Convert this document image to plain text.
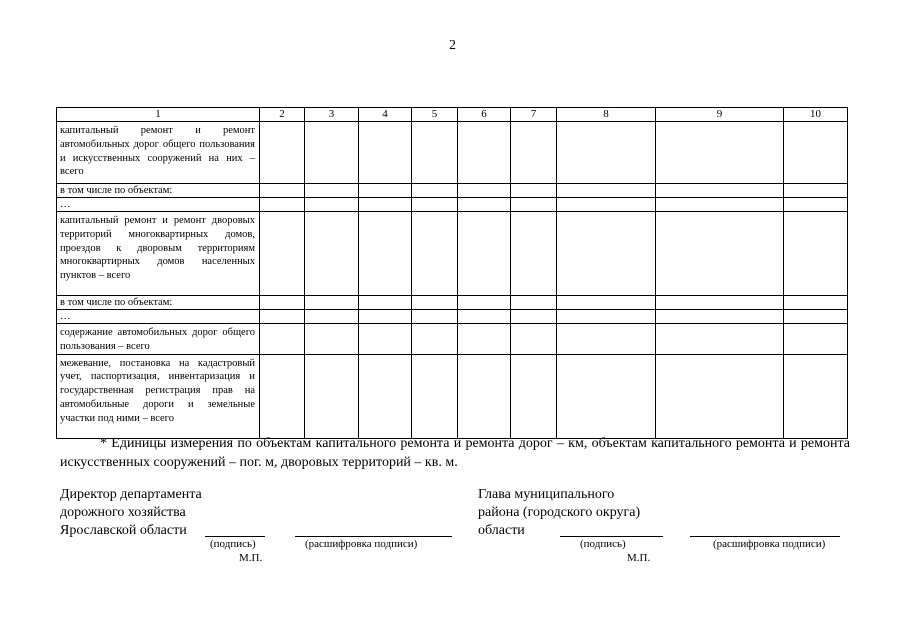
2
1	2	3	4	5	6	7	8	9	10
капитальный ремонт и ремонт автомобильных дорог общего пользования и искусственных сооружений на них – всего									
в том числе по объектам:									
…									
капитальный ремонт и ремонт дворовых территорий многоквартирных домов, проездов к дворовым территориям многоквартирных домов населенных пунктов – всего									
в том числе по объектам:									
…									
содержание автомобильных дорог общего пользования – всего									
межевание, постановка на кадастровый учет, паспортизация, инвентаризация и государственная регистрация прав на автомобильные дороги и земельные участки под ними – всего									
* Единицы измерения по объектам капитального ремонта и ремонта дорог – км, объектам капитального ремонта и ремонта искусственных сооружений – пог. м, дворовых территорий – кв. м.
Директор департамента
дорожного хозяйства
Ярославской области
(подпись)	(расшифровка подписи)
М.П.
Глава муниципального
района (городского округа)
области
(подпись)	(расшифровка подписи)
М.П.
